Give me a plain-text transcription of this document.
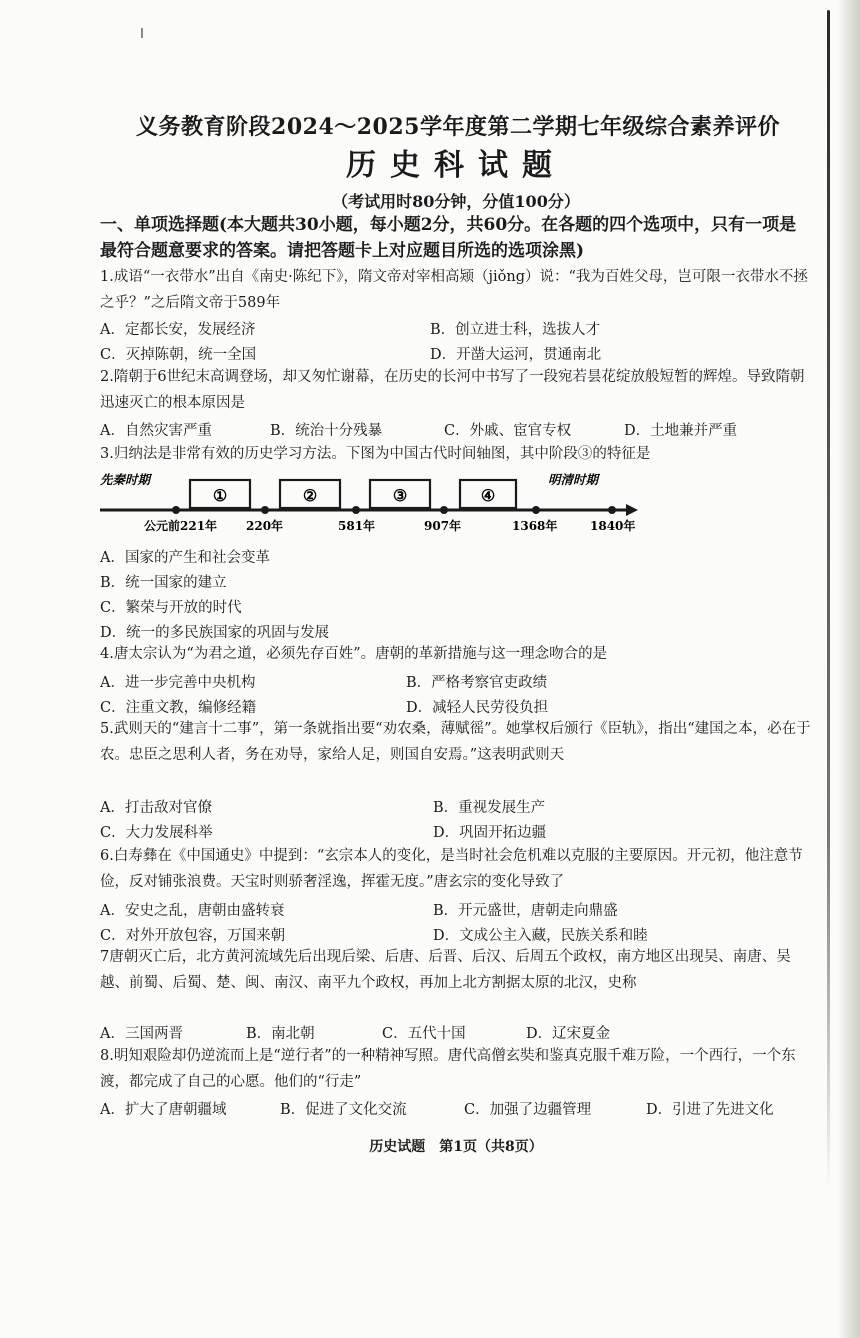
义务教育阶段2024～2025学年度第二学期七年级综合素养评价
历史科试题
（考试用时80分钟，分值100分）
一、单项选择题(本大题共30小题，每小题2分，共60分。在各题的四个选项中，只有一项是最符合题意要求的答案。请把答题卡上对应题目所选的选项涂黑)
1.成语“一衣带水”出自《南史·陈纪下》，隋文帝对宰相高颎（jiǒng）说：“我为百姓父母，岂可限一衣带水不拯之乎？”之后隋文帝于589年
A．定都长安，发展经济	B．创立进士科，选拔人才
C．灭掉陈朝，统一全国	D．开凿大运河，贯通南北
2.隋朝于6世纪末高调登场，却又匆忙谢幕，在历史的长河中书写了一段宛若昙花绽放般短暂的辉煌。导致隋朝迅速灭亡的根本原因是
A．自然灾害严重	B．统治十分残暴	C．外戚、宦官专权	D．土地兼并严重
3.归纳法是非常有效的历史学习方法。下图为中国古代时间轴图，其中阶段③的特征是
先秦时期	明清时期
①	②	③	④
公元前221年 220年	581年	907年	1368年	1840年
A．国家的产生和社会变革
B．统一国家的建立
C．繁荣与开放的时代
D．统一的多民族国家的巩固与发展
4.唐太宗认为“为君之道，必须先存百姓”。唐朝的革新措施与这一理念吻合的是
A．进一步完善中央机构	B．严格考察官吏政绩
C．注重文教，编修经籍	D．减轻人民劳役负担
5.武则天的“建言十二事”，第一条就指出要“劝农桑，薄赋徭”。她掌权后颁行《臣轨》，指出“建国之本，必在于农。忠臣之思利人者，务在劝导，家给人足，则国自安焉。”这表明武则天
A．打击敌对官僚	B．重视发展生产
C．大力发展科举	D．巩固开拓边疆
6.白寿彝在《中国通史》中提到：“玄宗本人的变化，是当时社会危机难以克服的主要原因。开元初，他注意节俭，反对铺张浪费。天宝时则骄奢淫逸，挥霍无度。”唐玄宗的变化导致了
A．安史之乱，唐朝由盛转衰	B．开元盛世，唐朝走向鼎盛
C．对外开放包容，万国来朝	D．文成公主入藏，民族关系和睦
7唐朝灭亡后，北方黄河流域先后出现后梁、后唐、后晋、后汉、后周五个政权，南方地区出现吴、南唐、吴越、前蜀、后蜀、楚、闽、南汉、南平九个政权，再加上北方割据太原的北汉，史称
A．三国两晋	B．南北朝	C．五代十国	D．辽宋夏金
8.明知艰险却仍逆流而上是“逆行者”的一种精神写照。唐代高僧玄奘和鉴真克服千难万险，一个西行，一个东渡，都完成了自己的心愿。他们的“行走”
A．扩大了唐朝疆域	B．促进了文化交流	C．加强了边疆管理	D．引进了先进文化
历史试题　第1页（共8页）
